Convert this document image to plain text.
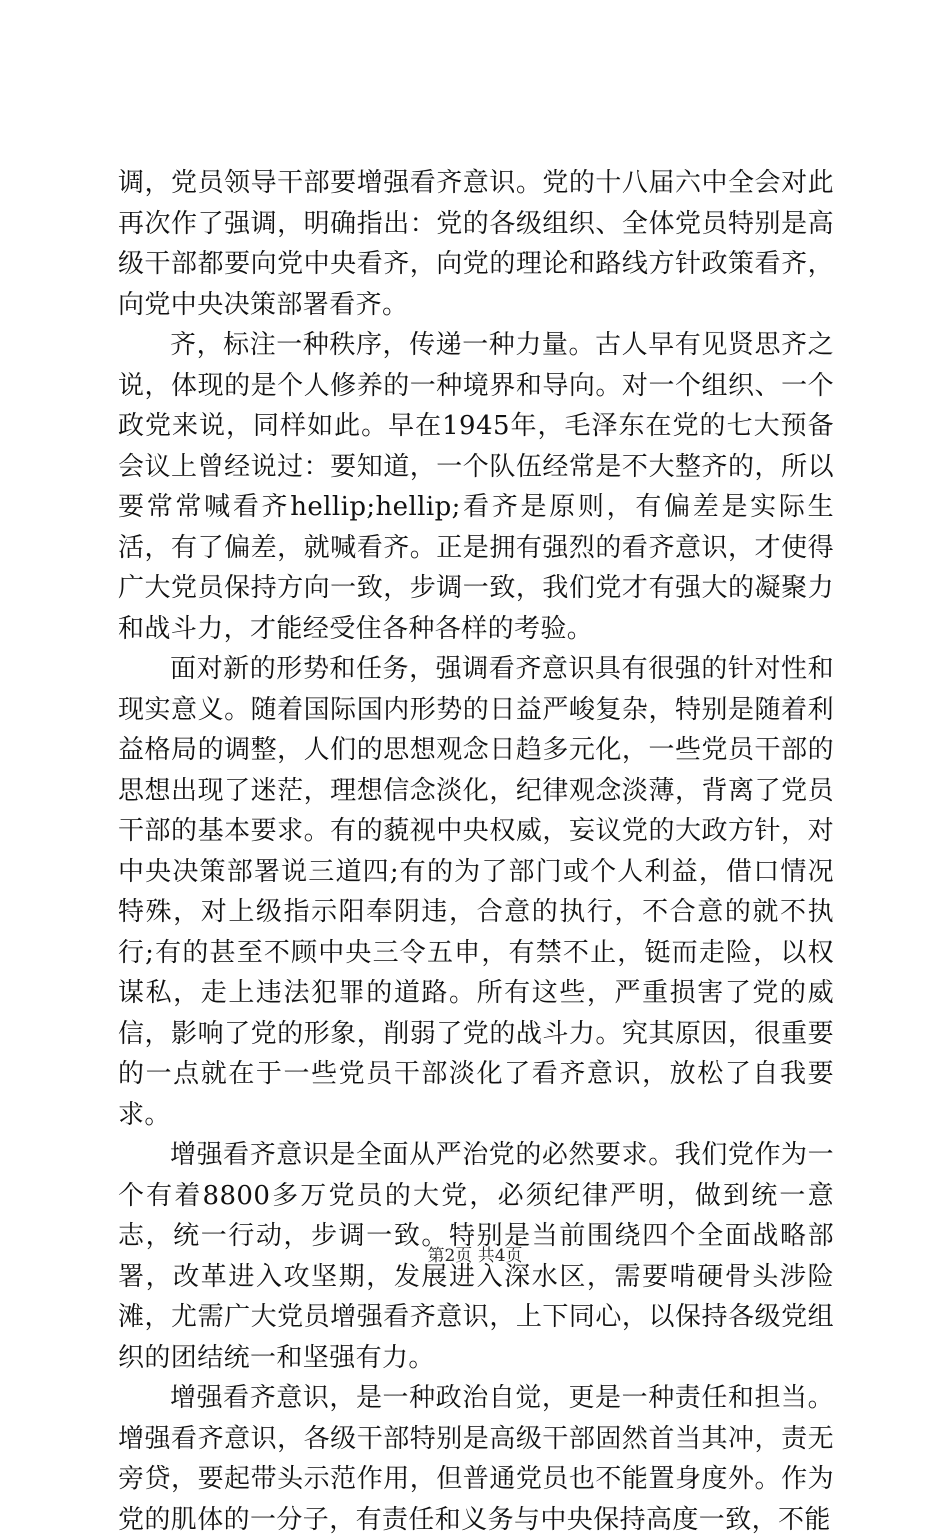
调，党员领导干部要增强看齐意识。党的十八届六中全会对此再次作了强调，明确指出：党的各级组织、全体党员特别是高级干部都要向党中央看齐，向党的理论和路线方针政策看齐，向党中央决策部署看齐。

齐，标注一种秩序，传递一种力量。古人早有见贤思齐之说，体现的是个人修养的一种境界和导向。对一个组织、一个政党来说，同样如此。早在1945年，毛泽东在党的七大预备会议上曾经说过：要知道，一个队伍经常是不大整齐的，所以要常常喊看齐hellip;hellip;看齐是原则，有偏差是实际生活，有了偏差，就喊看齐。正是拥有强烈的看齐意识，才使得广大党员保持方向一致，步调一致，我们党才有强大的凝聚力和战斗力，才能经受住各种各样的考验。

面对新的形势和任务，强调看齐意识具有很强的针对性和现实意义。随着国际国内形势的日益严峻复杂，特别是随着利益格局的调整，人们的思想观念日趋多元化，一些党员干部的思想出现了迷茫，理想信念淡化，纪律观念淡薄，背离了党员干部的基本要求。有的藐视中央权威，妄议党的大政方针，对中央决策部署说三道四;有的为了部门或个人利益，借口情况特殊，对上级指示阳奉阴违，合意的执行，不合意的就不执行;有的甚至不顾中央三令五申，有禁不止，铤而走险，以权谋私，走上违法犯罪的道路。所有这些，严重损害了党的威信，影响了党的形象，削弱了党的战斗力。究其原因，很重要的一点就在于一些党员干部淡化了看齐意识，放松了自我要求。

增强看齐意识是全面从严治党的必然要求。我们党作为一个有着8800多万党员的大党，必须纪律严明，做到统一意志，统一行动，步调一致。特别是当前围绕四个全面战略部署，改革进入攻坚期，发展进入深水区，需要啃硬骨头涉险滩，尤需广大党员增强看齐意识，上下同心，以保持各级党组织的团结统一和坚强有力。

增强看齐意识，是一种政治自觉，更是一种责任和担当。增强看齐意识，各级干部特别是高级干部固然首当其冲，责无旁贷，要起带头示范作用，但普通党员也不能置身度外。作为党的肌体的一分子，有责任和义务与中央保持高度一致，不能

第2页 共4页
